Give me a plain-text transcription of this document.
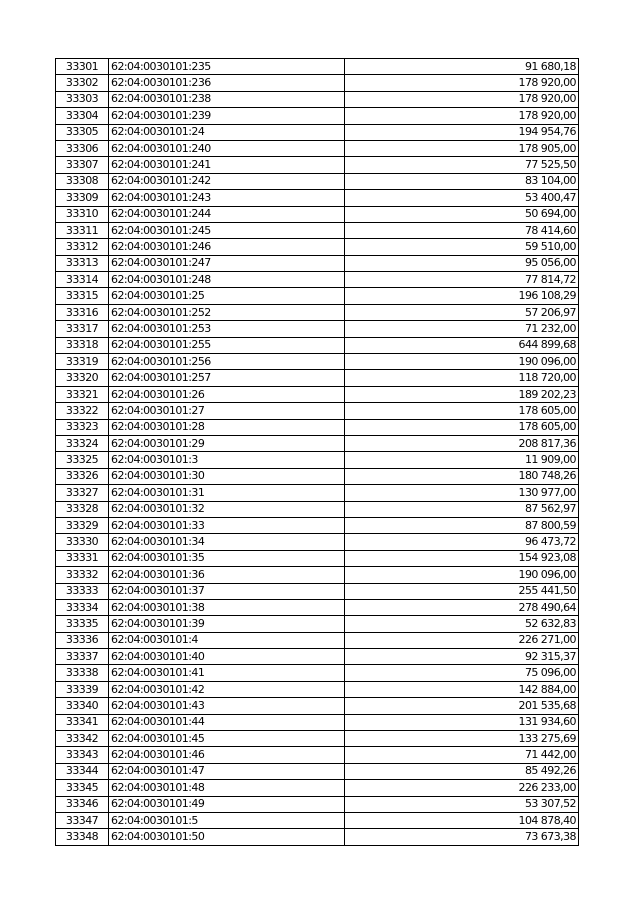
33301	62:04:0030101:235	91 680,18
33302	62:04:0030101:236	178 920,00
33303	62:04:0030101:238	178 920,00
33304	62:04:0030101:239	178 920,00
33305	62:04:0030101:24	194 954,76
33306	62:04:0030101:240	178 905,00
33307	62:04:0030101:241	77 525,50
33308	62:04:0030101:242	83 104,00
33309	62:04:0030101:243	53 400,47
33310	62:04:0030101:244	50 694,00
33311	62:04:0030101:245	78 414,60
33312	62:04:0030101:246	59 510,00
33313	62:04:0030101:247	95 056,00
33314	62:04:0030101:248	77 814,72
33315	62:04:0030101:25	196 108,29
33316	62:04:0030101:252	57 206,97
33317	62:04:0030101:253	71 232,00
33318	62:04:0030101:255	644 899,68
33319	62:04:0030101:256	190 096,00
33320	62:04:0030101:257	118 720,00
33321	62:04:0030101:26	189 202,23
33322	62:04:0030101:27	178 605,00
33323	62:04:0030101:28	178 605,00
33324	62:04:0030101:29	208 817,36
33325	62:04:0030101:3	11 909,00
33326	62:04:0030101:30	180 748,26
33327	62:04:0030101:31	130 977,00
33328	62:04:0030101:32	87 562,97
33329	62:04:0030101:33	87 800,59
33330	62:04:0030101:34	96 473,72
33331	62:04:0030101:35	154 923,08
33332	62:04:0030101:36	190 096,00
33333	62:04:0030101:37	255 441,50
33334	62:04:0030101:38	278 490,64
33335	62:04:0030101:39	52 632,83
33336	62:04:0030101:4	226 271,00
33337	62:04:0030101:40	92 315,37
33338	62:04:0030101:41	75 096,00
33339	62:04:0030101:42	142 884,00
33340	62:04:0030101:43	201 535,68
33341	62:04:0030101:44	131 934,60
33342	62:04:0030101:45	133 275,69
33343	62:04:0030101:46	71 442,00
33344	62:04:0030101:47	85 492,26
33345	62:04:0030101:48	226 233,00
33346	62:04:0030101:49	53 307,52
33347	62:04:0030101:5	104 878,40
33348	62:04:0030101:50	73 673,38
